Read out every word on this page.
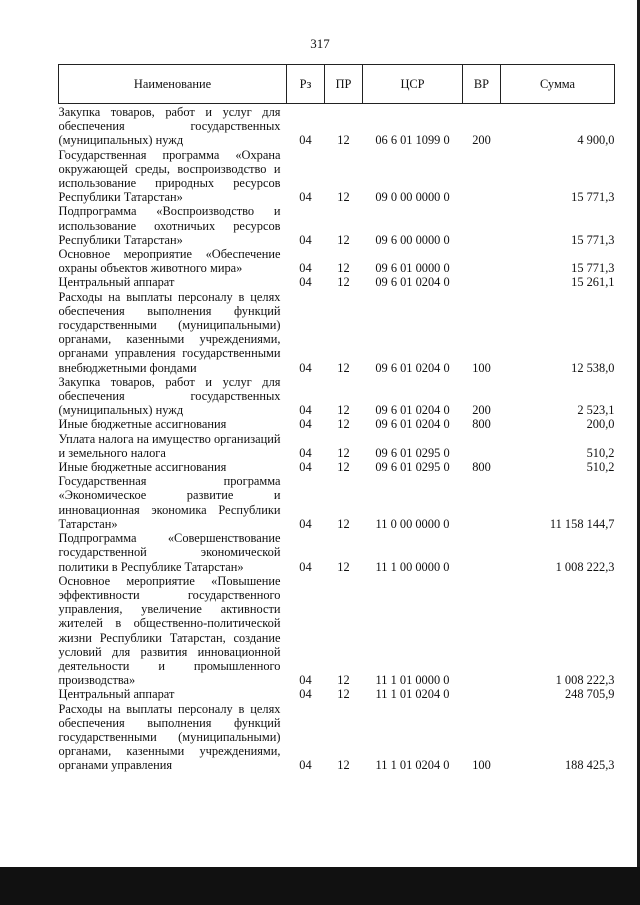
317
Наименование	Рз	ПР	ЦСР	ВР	Сумма
Закупка товаров, работ и услуг для обеспечения государственных (муниципальных) нужд	04	12	06 6 01 1099 0	200	4 900,0
Государственная программа «Охрана окружающей среды, воспроизводство и использование природных ресурсов Республики Татарстан»	04	12	09 0 00 0000 0		15 771,3
Подпрограмма «Воспроизводство и использование охотничьих ресурсов Республики Татарстан»	04	12	09 6 00 0000 0		15 771,3
Основное мероприятие «Обеспечение охраны объектов животного мира»	04	12	09 6 01 0000 0		15 771,3
Центральный аппарат	04	12	09 6 01 0204 0		15 261,1
Расходы на выплаты персоналу в целях обеспечения выполнения функций государственными (муниципальными) органами, казенными учреждениями, органами управления государственными внебюджетными фондами	04	12	09 6 01 0204 0	100	12 538,0
Закупка товаров, работ и услуг для обеспечения государственных (муниципальных) нужд	04	12	09 6 01 0204 0	200	2 523,1
Иные бюджетные ассигнования	04	12	09 6 01 0204 0	800	200,0
Уплата налога на имущество организаций и земельного налога	04	12	09 6 01 0295 0		510,2
Иные бюджетные ассигнования	04	12	09 6 01 0295 0	800	510,2
Государственная программа «Экономическое развитие и инновационная экономика Республики Татарстан»	04	12	11 0 00 0000 0		11 158 144,7
Подпрограмма «Совершенствование государственной экономической политики в Республике Татарстан»	04	12	11 1 00 0000 0		1 008 222,3
Основное мероприятие «Повышение эффективности государственного управления, увеличение активности жителей в общественно-политической жизни Республики Татарстан, создание условий для развития инновационной деятельности и промышленного производства»	04	12	11 1 01 0000 0		1 008 222,3
Центральный аппарат	04	12	11 1 01 0204 0		248 705,9
Расходы на выплаты персоналу в целях обеспечения выполнения функций государственными (муниципальными) органами, казенными учреждениями, органами управления	04	12	11 1 01 0204 0	100	188 425,3
